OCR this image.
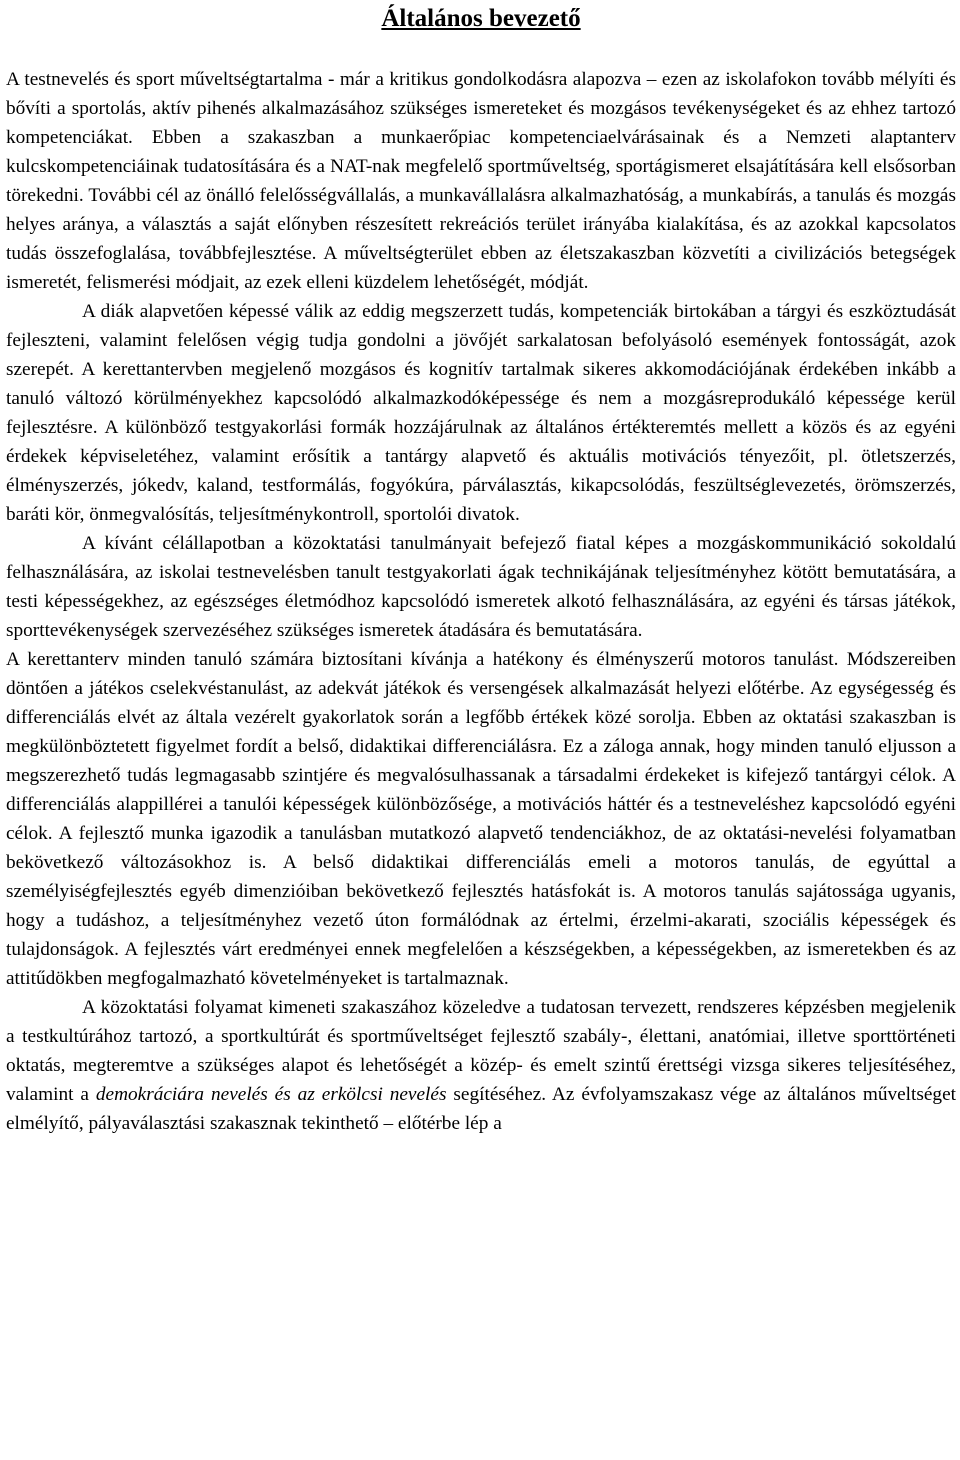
Általános bevezető

A testnevelés és sport műveltségtartalma - már a kritikus gondolkodásra alapozva – ezen az iskolafokon tovább mélyíti és bővíti a sportolás, aktív pihenés alkalmazásához szükséges ismereteket és mozgásos tevékenységeket és az ehhez tartozó kompetenciákat. Ebben a szakaszban a munkaerőpiac kompetenciaelvárásainak és a Nemzeti alaptanterv kulcskompetenciáinak tudatosítására és a NAT-nak megfelelő sportműveltség, sportágismeret elsajátítására kell elsősorban törekedni. További cél az önálló felelősségvállalás, a munkavállalásra alkalmazhatóság, a munkabírás, a tanulás és mozgás helyes aránya, a választás a saját előnyben részesített rekreációs terület irányába kialakítása, és az azokkal kapcsolatos tudás összefoglalása, továbbfejlesztése. A műveltségterület ebben az életszakaszban közvetíti a civilizációs betegségek ismeretét, felismerési módjait, az ezek elleni küzdelem lehetőségét, módját.

A diák alapvetően képessé válik az eddig megszerzett tudás, kompetenciák birtokában a tárgyi és eszköztudását fejleszteni, valamint felelősen végig tudja gondolni a jövőjét sarkalatosan befolyásoló események fontosságát, azok szerepét. A kerettantervben megjelenő mozgásos és kognitív tartalmak sikeres akkomodációjának érdekében inkább a tanuló változó körülményekhez kapcsolódó alkalmazkodóképessége és nem a mozgásreprodukáló képessége kerül fejlesztésre. A különböző testgyakorlási formák hozzájárulnak az általános értékteremtés mellett a közös és az egyéni érdekek képviseletéhez, valamint erősítik a tantárgy alapvető és aktuális motivációs tényezőit, pl. ötletszerzés, élményszerzés, jókedv, kaland, testformálás, fogyókúra, párválasztás, kikapcsolódás, feszültséglevezetés, örömszerzés, baráti kör, önmegvalósítás, teljesítménykontroll, sportolói divatok.

A kívánt célállapotban a közoktatási tanulmányait befejező fiatal képes a mozgáskommunikáció sokoldalú felhasználására, az iskolai testnevelésben tanult testgyakorlati ágak technikájának teljesítményhez kötött bemutatására, a testi képességekhez, az egészséges életmódhoz kapcsolódó ismeretek alkotó felhasználására, az egyéni és társas játékok, sporttevékenységek szervezéséhez szükséges ismeretek átadására és bemutatására.

A kerettanterv minden tanuló számára biztosítani kívánja a hatékony és élményszerű motoros tanulást. Módszereiben döntően a játékos cselekvéstanulást, az adekvát játékok és versengések alkalmazását helyezi előtérbe. Az egységesség és differenciálás elvét az általa vezérelt gyakorlatok során a legfőbb értékek közé sorolja. Ebben az oktatási szakaszban is megkülönböztetett figyelmet fordít a belső, didaktikai differenciálásra. Ez a záloga annak, hogy minden tanuló eljusson a megszerezhető tudás legmagasabb szintjére és megvalósulhassanak a társadalmi érdekeket is kifejező tantárgyi célok. A differenciálás alappillérei a tanulói képességek különbözősége, a motivációs háttér és a testneveléshez kapcsolódó egyéni célok. A fejlesztő munka igazodik a tanulásban mutatkozó alapvető tendenciákhoz, de az oktatási-nevelési folyamatban bekövetkező változásokhoz is. A belső didaktikai differenciálás emeli a motoros tanulás, de egyúttal a személyiségfejlesztés egyéb dimenzióiban bekövetkező fejlesztés hatásfokát is. A motoros tanulás sajátossága ugyanis, hogy a tudáshoz, a teljesítményhez vezető úton formálódnak az értelmi, érzelmi-akarati, szociális képességek és tulajdonságok. A fejlesztés várt eredményei ennek megfelelően a készségekben, a képességekben, az ismeretekben és az attitűdökben megfogalmazható követelményeket is tartalmaznak.

A közoktatási folyamat kimeneti szakaszához közeledve a tudatosan tervezett, rendszeres képzésben megjelenik a testkultúrához tartozó, a sportkultúrát és sportműveltséget fejlesztő szabály-, élettani, anatómiai, illetve sporttörténeti oktatás, megteremtve a szükséges alapot és lehetőségét a közép- és emelt szintű érettségi vizsga sikeres teljesítéséhez, valamint a demokráciára nevelés és az erkölcsi nevelés segítéséhez. Az évfolyamszakasz vége az általános műveltséget elmélyítő, pályaválasztási szakasznak tekinthető – előtérbe lép a
